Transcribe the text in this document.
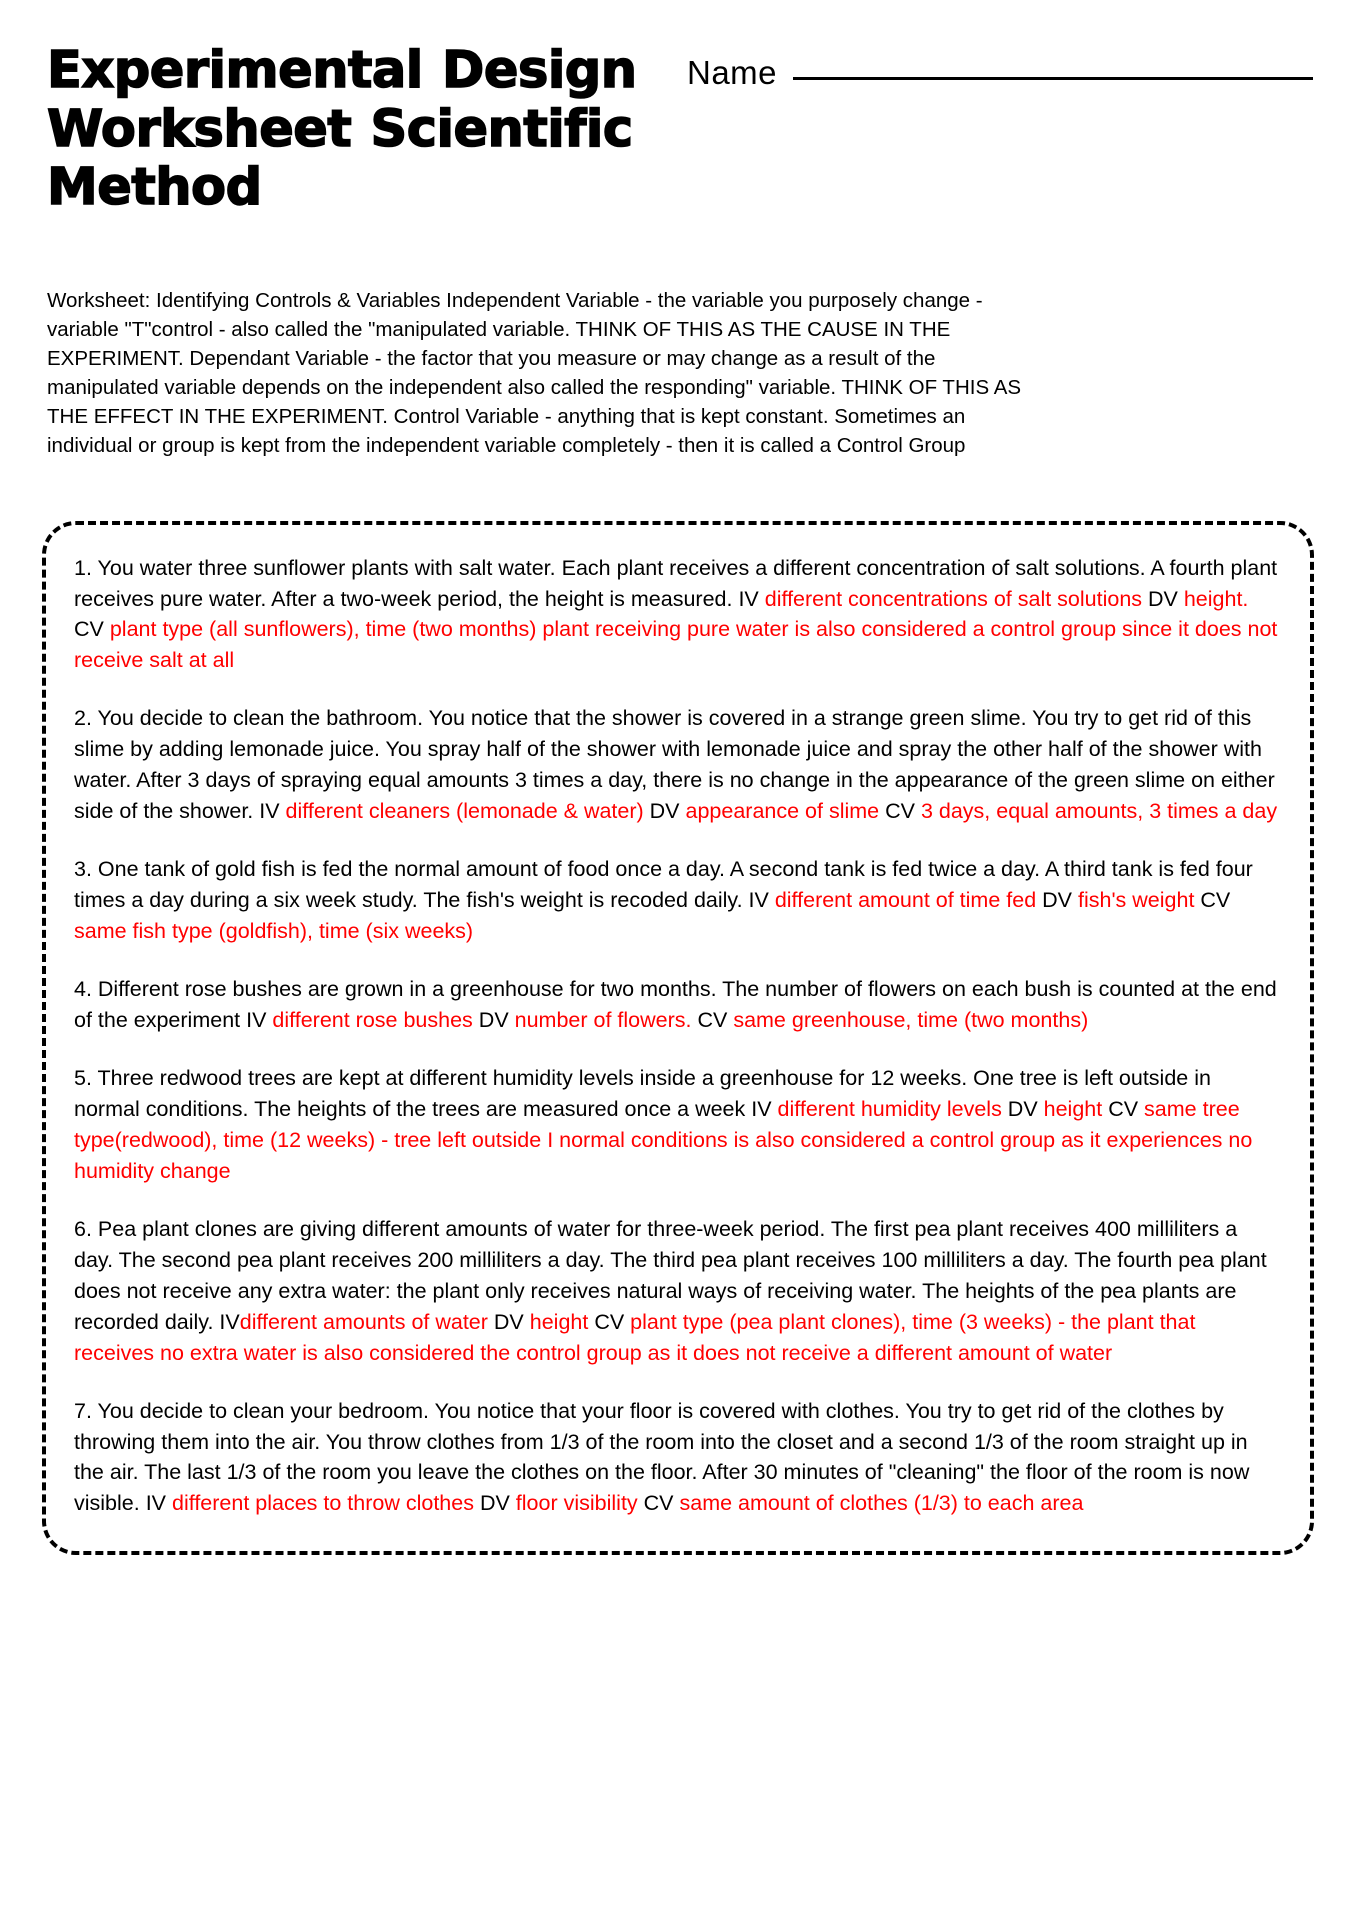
Experimental Design Worksheet Scientific Method
Name

Worksheet: Identifying Controls & Variables Independent Variable - the variable you purposely change - variable "T"control - also called the "manipulated variable. THINK OF THIS AS THE CAUSE IN THE EXPERIMENT. Dependant Variable - the factor that you measure or may change as a result of the manipulated variable depends on the independent also called the responding" variable. THINK OF THIS AS THE EFFECT IN THE EXPERIMENT. Control Variable - anything that is kept constant. Sometimes an individual or group is kept from the independent variable completely - then it is called a Control Group

1. You water three sunflower plants with salt water. Each plant receives a different concentration of salt solutions. A fourth plant receives pure water. After a two-week period, the height is measured. IV different concentrations of salt solutions DV height. CV plant type (all sunflowers), time (two months) plant receiving pure water is also considered a control group since it does not receive salt at all

2. You decide to clean the bathroom. You notice that the shower is covered in a strange green slime. You try to get rid of this slime by adding lemonade juice. You spray half of the shower with lemonade juice and spray the other half of the shower with water. After 3 days of spraying equal amounts 3 times a day, there is no change in the appearance of the green slime on either side of the shower. IV different cleaners (lemonade & water) DV appearance of slime CV 3 days, equal amounts, 3 times a day

3. One tank of gold fish is fed the normal amount of food once a day. A second tank is fed twice a day. A third tank is fed four times a day during a six week study. The fish's weight is recoded daily. IV different amount of time fed DV fish's weight CV same fish type (goldfish), time (six weeks)

4. Different rose bushes are grown in a greenhouse for two months. The number of flowers on each bush is counted at the end of the experiment IV different rose bushes DV number of flowers. CV same greenhouse, time (two months)

5. Three redwood trees are kept at different humidity levels inside a greenhouse for 12 weeks. One tree is left outside in normal conditions. The heights of the trees are measured once a week IV different humidity levels DV height CV same tree type(redwood), time (12 weeks) - tree left outside I normal conditions is also considered a control group as it experiences no humidity change

6. Pea plant clones are giving different amounts of water for three-week period. The first pea plant receives 400 milliliters a day. The second pea plant receives 200 milliliters a day. The third pea plant receives 100 milliliters a day. The fourth pea plant does not receive any extra water: the plant only receives natural ways of receiving water. The heights of the pea plants are recorded daily. IVdifferent amounts of water DV height CV plant type (pea plant clones), time (3 weeks) - the plant that receives no extra water is also considered the control group as it does not receive a different amount of water

7. You decide to clean your bedroom. You notice that your floor is covered with clothes. You try to get rid of the clothes by throwing them into the air. You throw clothes from 1/3 of the room into the closet and a second 1/3 of the room straight up in the air. The last 1/3 of the room you leave the clothes on the floor. After 30 minutes of "cleaning" the floor of the room is now visible. IV different places to throw clothes DV floor visibility CV same amount of clothes (1/3) to each area
